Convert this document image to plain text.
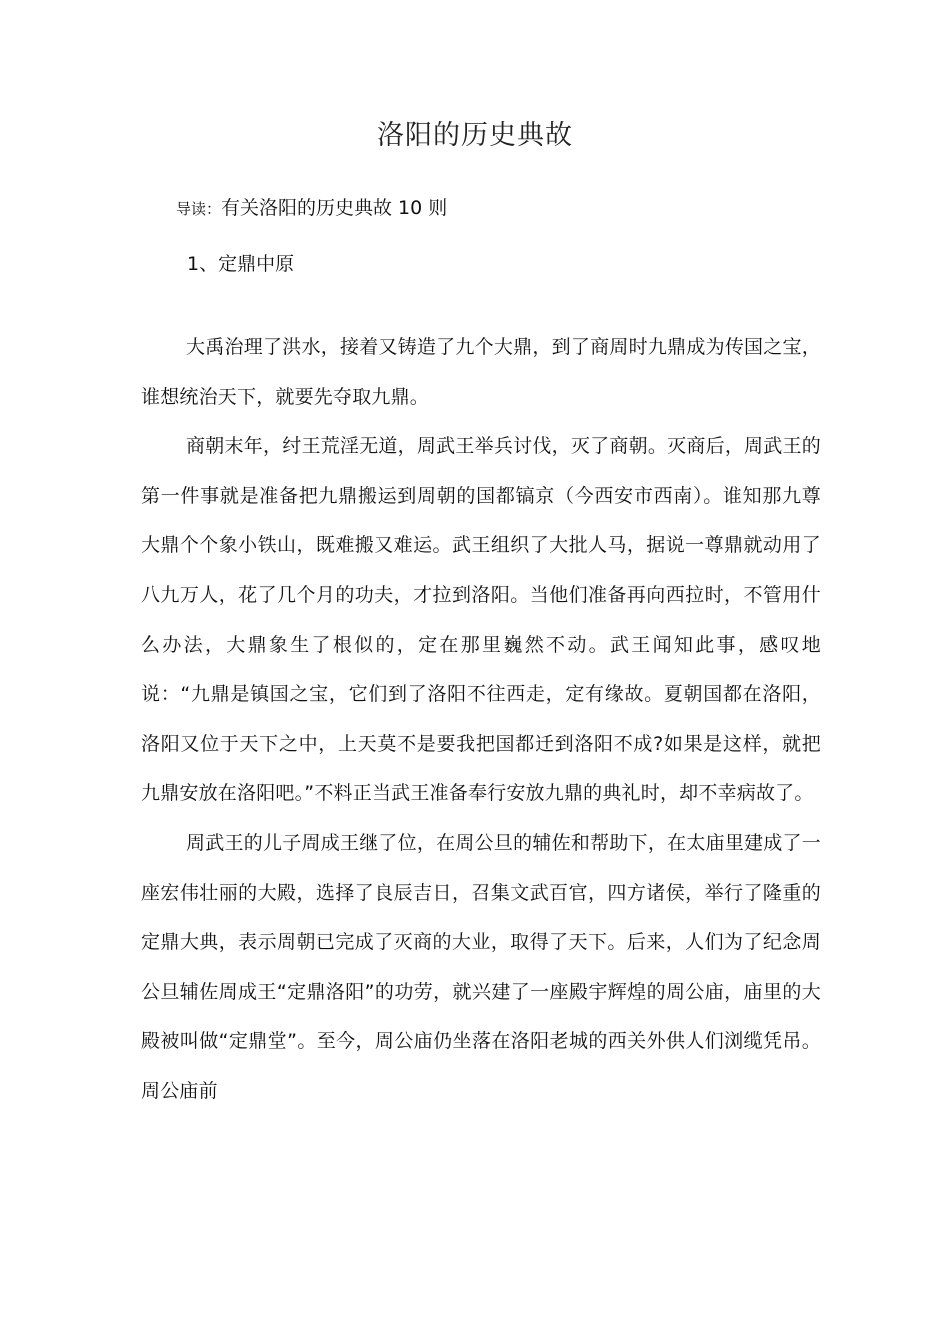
洛阳的历史典故
导读：有关洛阳的历史典故 10 则
1、定鼎中原

大禹治理了洪水，接着又铸造了九个大鼎，到了商周时九鼎成为传国之宝，谁想统治天下，就要先夺取九鼎。

商朝末年，纣王荒淫无道，周武王举兵讨伐，灭了商朝。灭商后，周武王的第一件事就是准备把九鼎搬运到周朝的国都镐京（今西安市西南）。谁知那九尊大鼎个个象小铁山，既难搬又难运。武王组织了大批人马，据说一尊鼎就动用了八九万人，花了几个月的功夫，才拉到洛阳。当他们准备再向西拉时，不管用什么办法，大鼎象生了根似的，定在那里巍然不动。武王闻知此事，感叹地说：“九鼎是镇国之宝，它们到了洛阳不往西走，定有缘故。夏朝国都在洛阳，洛阳又位于天下之中，上天莫不是要我把国都迁到洛阳不成?如果是这样，就把九鼎安放在洛阳吧。”不料正当武王准备奉行安放九鼎的典礼时，却不幸病故了。

周武王的儿子周成王继了位，在周公旦的辅佐和帮助下，在太庙里建成了一座宏伟壮丽的大殿，选择了良辰吉日，召集文武百官，四方诸侯，举行了隆重的定鼎大典，表示周朝已完成了灭商的大业，取得了天下。后来，人们为了纪念周公旦辅佐周成王“定鼎洛阳”的功劳，就兴建了一座殿宇辉煌的周公庙，庙里的大殿被叫做“定鼎堂”。至今，周公庙仍坐落在洛阳老城的西关外供人们浏缆凭吊。周公庙前
